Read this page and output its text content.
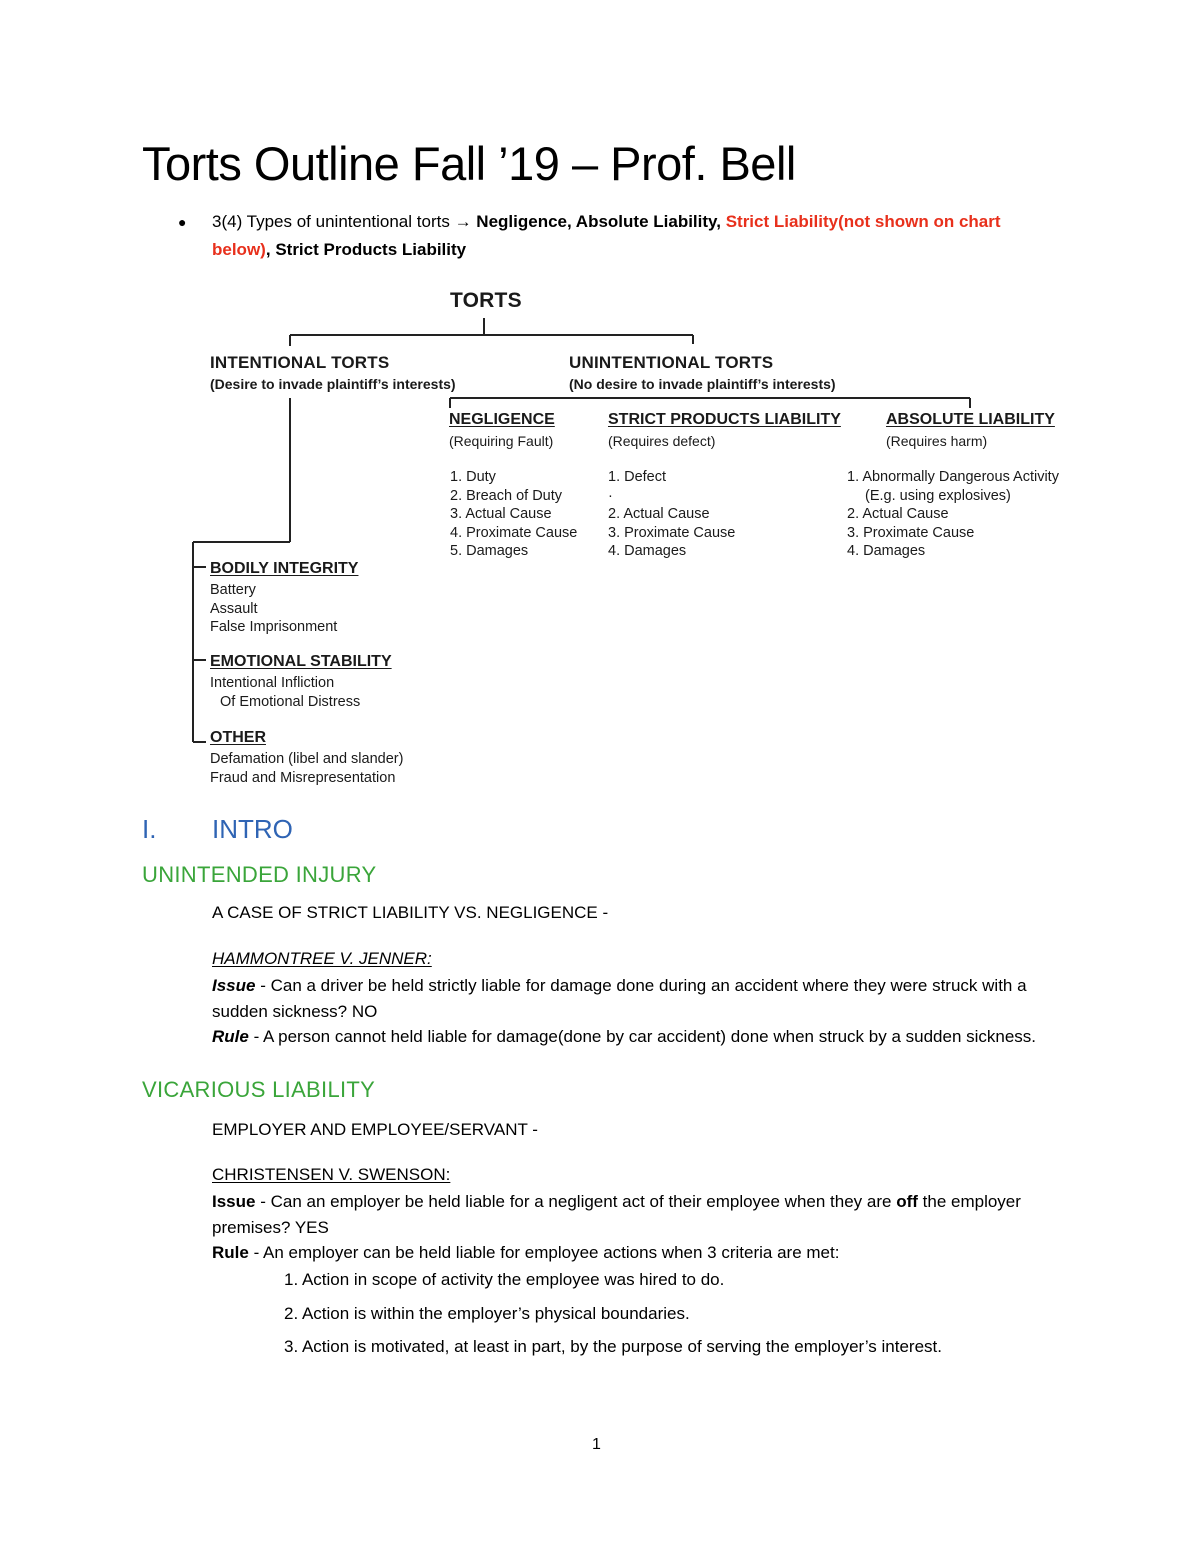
Torts Outline Fall ’19 – Prof. Bell
● 3(4) Types of unintentional torts → Negligence, Absolute Liability, Strict Liability(not shown on chart below), Strict Products Liability
TORTS
INTENTIONAL TORTS
(Desire to invade plaintiff’s interests)
UNINTENTIONAL TORTS
(No desire to invade plaintiff’s interests)
NEGLIGENCE
(Requiring Fault)
1. Duty
2. Breach of Duty
3. Actual Cause
4. Proximate Cause
5. Damages
STRICT PRODUCTS LIABILITY
(Requires defect)
1. Defect
·
2. Actual Cause
3. Proximate Cause
4. Damages
ABSOLUTE LIABILITY
(Requires harm)
1. Abnormally Dangerous Activity
(E.g. using explosives)
2. Actual Cause
3. Proximate Cause
4. Damages
BODILY INTEGRITY
Battery
Assault
False Imprisonment
EMOTIONAL STABILITY
Intentional Infliction
Of Emotional Distress
OTHER
Defamation (libel and slander)
Fraud and Misrepresentation
I. INTRO
UNINTENDED INJURY
A CASE OF STRICT LIABILITY VS. NEGLIGENCE -
HAMMONTREE V. JENNER:
Issue - Can a driver be held strictly liable for damage done during an accident where they were struck with a sudden sickness? NO
Rule - A person cannot held liable for damage(done by car accident) done when struck by a sudden sickness.
VICARIOUS LIABILITY
EMPLOYER AND EMPLOYEE/SERVANT -
CHRISTENSEN V. SWENSON:
Issue - Can an employer be held liable for a negligent act of their employee when they are off the employer premises? YES
Rule - An employer can be held liable for employee actions when 3 criteria are met:
1. Action in scope of activity the employee was hired to do.
2. Action is within the employer’s physical boundaries.
3. Action is motivated, at least in part, by the purpose of serving the employer’s interest.
1
